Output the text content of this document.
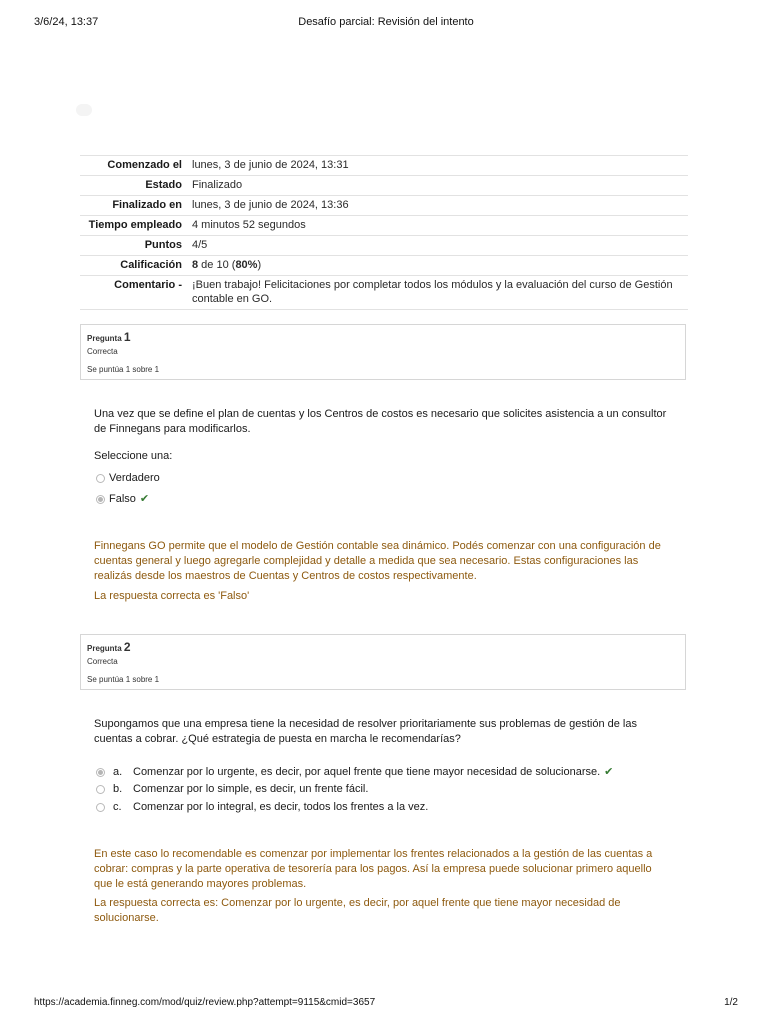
3/6/24, 13:37	Desafío parcial: Revisión del intento
Comenzado el	lunes, 3 de junio de 2024, 13:31
Estado	Finalizado
Finalizado en	lunes, 3 de junio de 2024, 13:36
Tiempo empleado	4 minutos 52 segundos
Puntos	4/5
Calificación	8 de 10 (80%)
Comentario -	¡Buen trabajo! Felicitaciones por completar todos los módulos y la evaluación del curso de Gestión contable en GO.
Pregunta 1
Correcta
Se puntúa 1 sobre 1
Una vez que se define el plan de cuentas y los Centros de costos es necesario que solicites asistencia a un consultor de Finnegans para modificarlos.
Seleccione una:
Verdadero
Falso ✔
Finnegans GO permite que el modelo de Gestión contable sea dinámico. Podés comenzar con una configuración de cuentas general y luego agregarle complejidad y detalle a medida que sea necesario. Estas configuraciones las realizás desde los maestros de Cuentas y Centros de costos respectivamente.
La respuesta correcta es 'Falso'
Pregunta 2
Correcta
Se puntúa 1 sobre 1
Supongamos que una empresa tiene la necesidad de resolver prioritariamente sus problemas de gestión de las cuentas a cobrar. ¿Qué estrategia de puesta en marcha le recomendarías?
a. Comenzar por lo urgente, es decir, por aquel frente que tiene mayor necesidad de solucionarse. ✔
b. Comenzar por lo simple, es decir, un frente fácil.
c.	Comenzar por lo integral, es decir, todos los frentes a la vez.
En este caso lo recomendable es comenzar por implementar los frentes relacionados a la gestión de las cuentas a cobrar: compras y la parte operativa de tesorería para los pagos. Así la empresa puede solucionar primero aquello que le está generando mayores problemas.
La respuesta correcta es: Comenzar por lo urgente, es decir, por aquel frente que tiene mayor necesidad de solucionarse.
https://academia.finneg.com/mod/quiz/review.php?attempt=9115&cmid=3657	1/2
